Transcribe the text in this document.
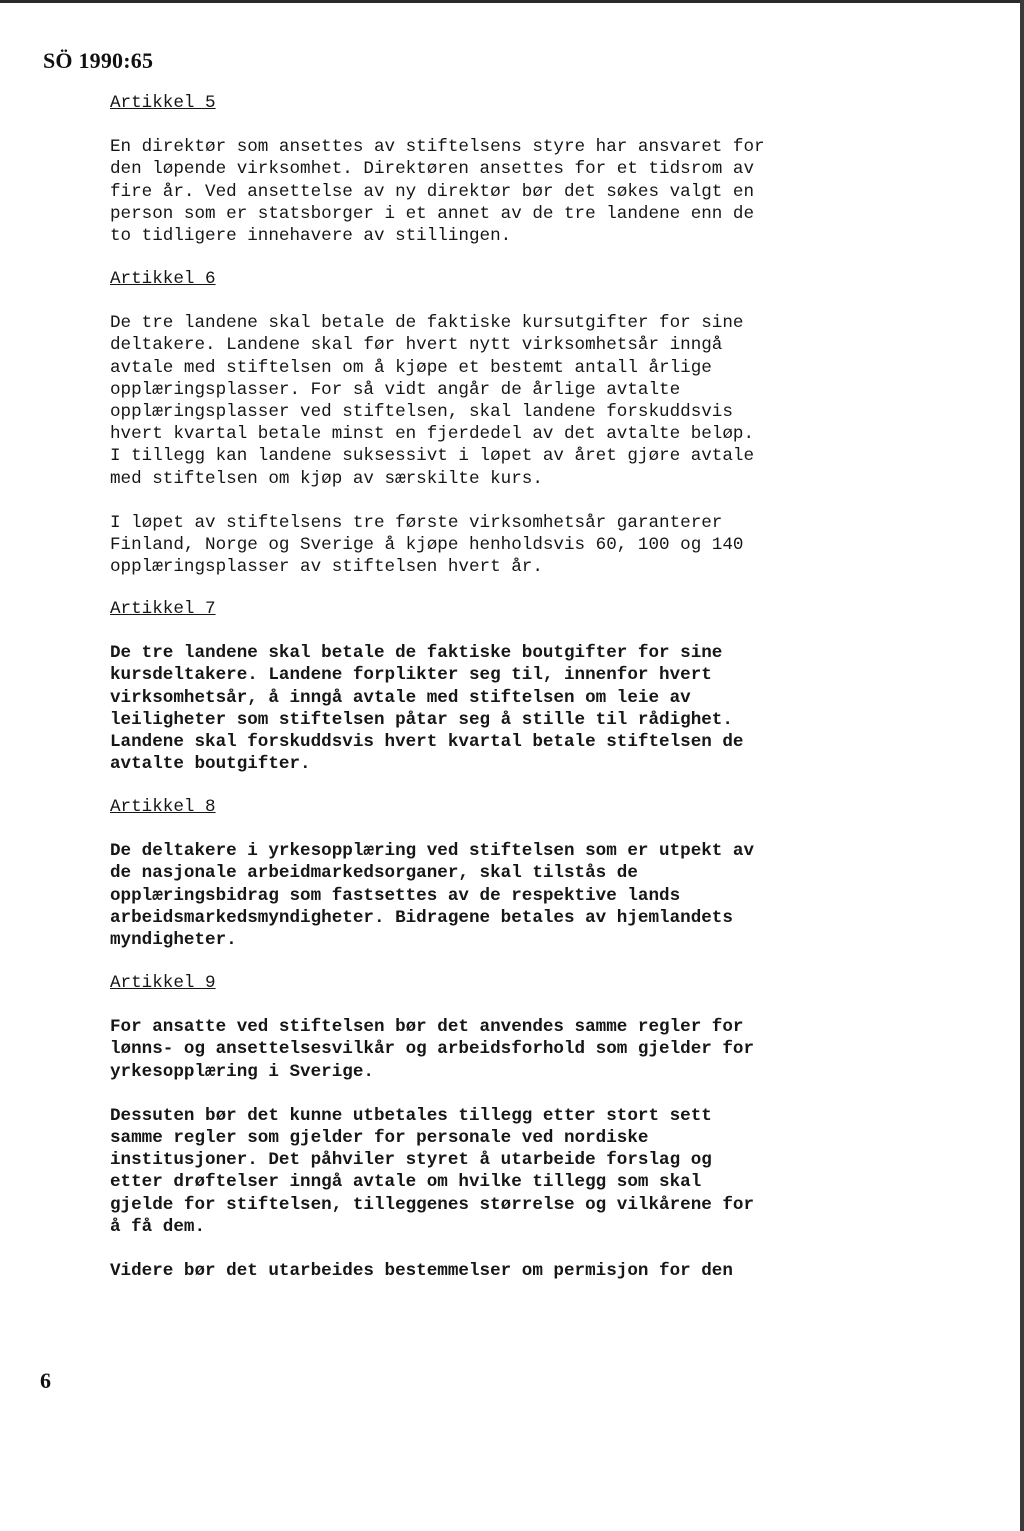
SÖ 1990:65
Artikkel 5
En direktør som ansettes av stiftelsens styre har ansvaret for
den løpende virksomhet. Direktøren ansettes for et tidsrom av
fire år. Ved ansettelse av ny direktør bør det søkes valgt en
person som er statsborger i et annet av de tre landene enn de
to tidligere innehavere av stillingen.
Artikkel 6
De tre landene skal betale de faktiske kursutgifter for sine
deltakere. Landene skal før hvert nytt virksomhetsår inngå
avtale med stiftelsen om å kjøpe et bestemt antall årlige
opplæringsplasser. For så vidt angår de årlige avtalte
opplæringsplasser ved stiftelsen, skal landene forskuddsvis
hvert kvartal betale minst en fjerdedel av det avtalte beløp.
I tillegg kan landene suksessivt i løpet av året gjøre avtale
med stiftelsen om kjøp av særskilte kurs.
I løpet av stiftelsens tre første virksomhetsår garanterer
Finland, Norge og Sverige å kjøpe henholdsvis 60, 100 og 140
opplæringsplasser av stiftelsen hvert år.
Artikkel 7
De tre landene skal betale de faktiske boutgifter for sine
kursdeltakere. Landene forplikter seg til, innenfor hvert
virksomhetsår, å inngå avtale med stiftelsen om leie av
leiligheter som stiftelsen påtar seg å stille til rådighet.
Landene skal forskuddsvis hvert kvartal betale stiftelsen de
avtalte boutgifter.
Artikkel 8
De deltakere i yrkesopplæring ved stiftelsen som er utpekt av
de nasjonale arbeidmarkedsorganer, skal tilstås de
opplæringsbidrag som fastsettes av de respektive lands
arbeidsmarkedsmyndigheter. Bidragene betales av hjemlandets
myndigheter.
Artikkel 9
For ansatte ved stiftelsen bør det anvendes samme regler for
lønns- og ansettelsesvilkår og arbeidsforhold som gjelder for
yrkesopplæring i Sverige.
Dessuten bør det kunne utbetales tillegg etter stort sett
samme regler som gjelder for personale ved nordiske
institusjoner. Det påhviler styret å utarbeide forslag og
etter drøftelser inngå avtale om hvilke tillegg som skal
gjelde for stiftelsen, tilleggenes størrelse og vilkårene for
å få dem.
Videre bør det utarbeides bestemmelser om permisjon for den
6
